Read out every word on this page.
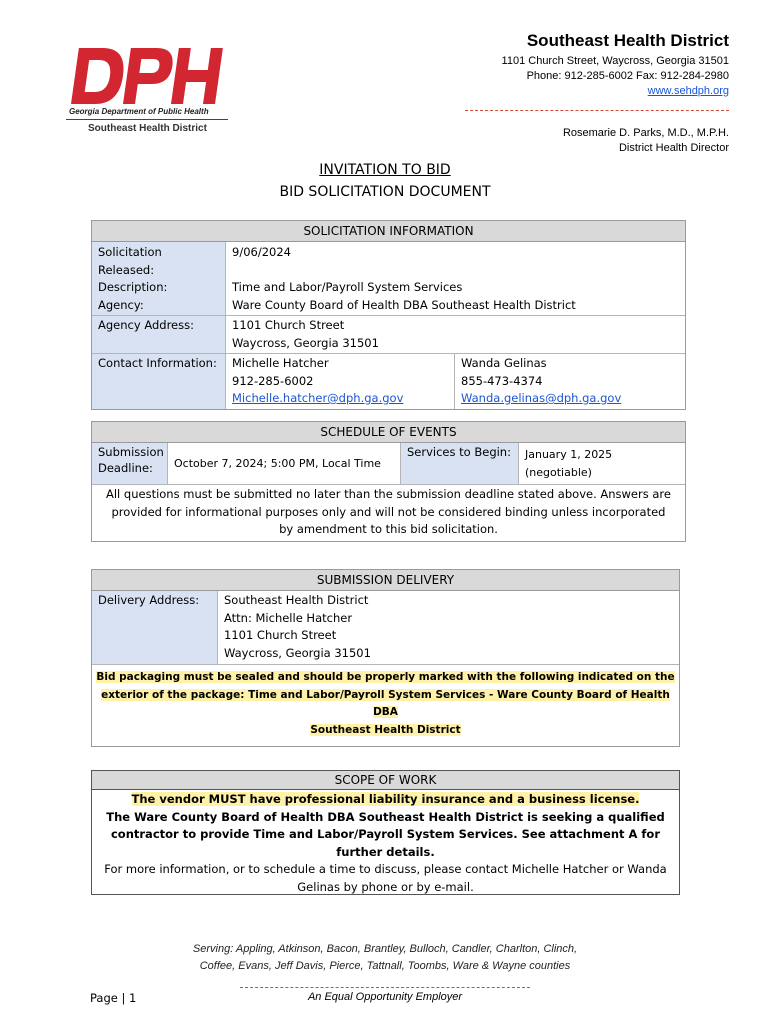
Georgia Department of Public Health
Southeast Health District
Southeast Health District
1101 Church Street, Waycross, Georgia 31501
Phone: 912-285-6002 Fax: 912-284-2980
www.sehdph.org
Rosemarie D. Parks, M.D., M.P.H.
District Health Director
INVITATION TO BID
BID SOLICITATION DOCUMENT
SOLICITATION INFORMATION
Solicitation Released:
9/06/2024
Description:	Time and Labor/Payroll System Services
Agency:	Ware County Board of Health DBA Southeast Health District
Agency Address:	1101 Church Street
Waycross, Georgia 31501
Contact Information:	Michelle Hatcher
912-285-6002
Michelle.hatcher@dph.ga.gov
Wanda Gelinas
855-473-4374
Wanda.gelinas@dph.ga.gov
SCHEDULE OF EVENTS
Submission Deadline:	October 7, 2024; 5:00 PM, Local Time
Services to Begin:	January 1, 2025 (negotiable)
All questions must be submitted no later than the submission deadline stated above. Answers are provided for informational purposes only and will not be considered binding unless incorporated by amendment to this bid solicitation.
SUBMISSION DELIVERY
Delivery Address:	Southeast Health District
Attn: Michelle Hatcher
1101 Church Street
Waycross, Georgia 31501
Bid packaging must be sealed and should be properly marked with the following indicated on the
exterior of the package: Time and Labor/Payroll System Services - Ware County Board of Health DBA
Southeast Health District
SCOPE OF WORK
The vendor MUST have professional liability insurance and a business license.
The Ware County Board of Health DBA Southeast Health District is seeking a qualified contractor to provide Time and Labor/Payroll System Services. See attachment A for further details.
For more information, or to schedule a time to discuss, please contact Michelle Hatcher or Wanda Gelinas by phone or by e-mail.
Serving: Appling, Atkinson, Bacon, Brantley, Bulloch, Candler, Charlton, Clinch,
Coffee, Evans, Jeff Davis, Pierce, Tattnall, Toombs, Ware & Wayne counties
An Equal Opportunity Employer
Page | 1
